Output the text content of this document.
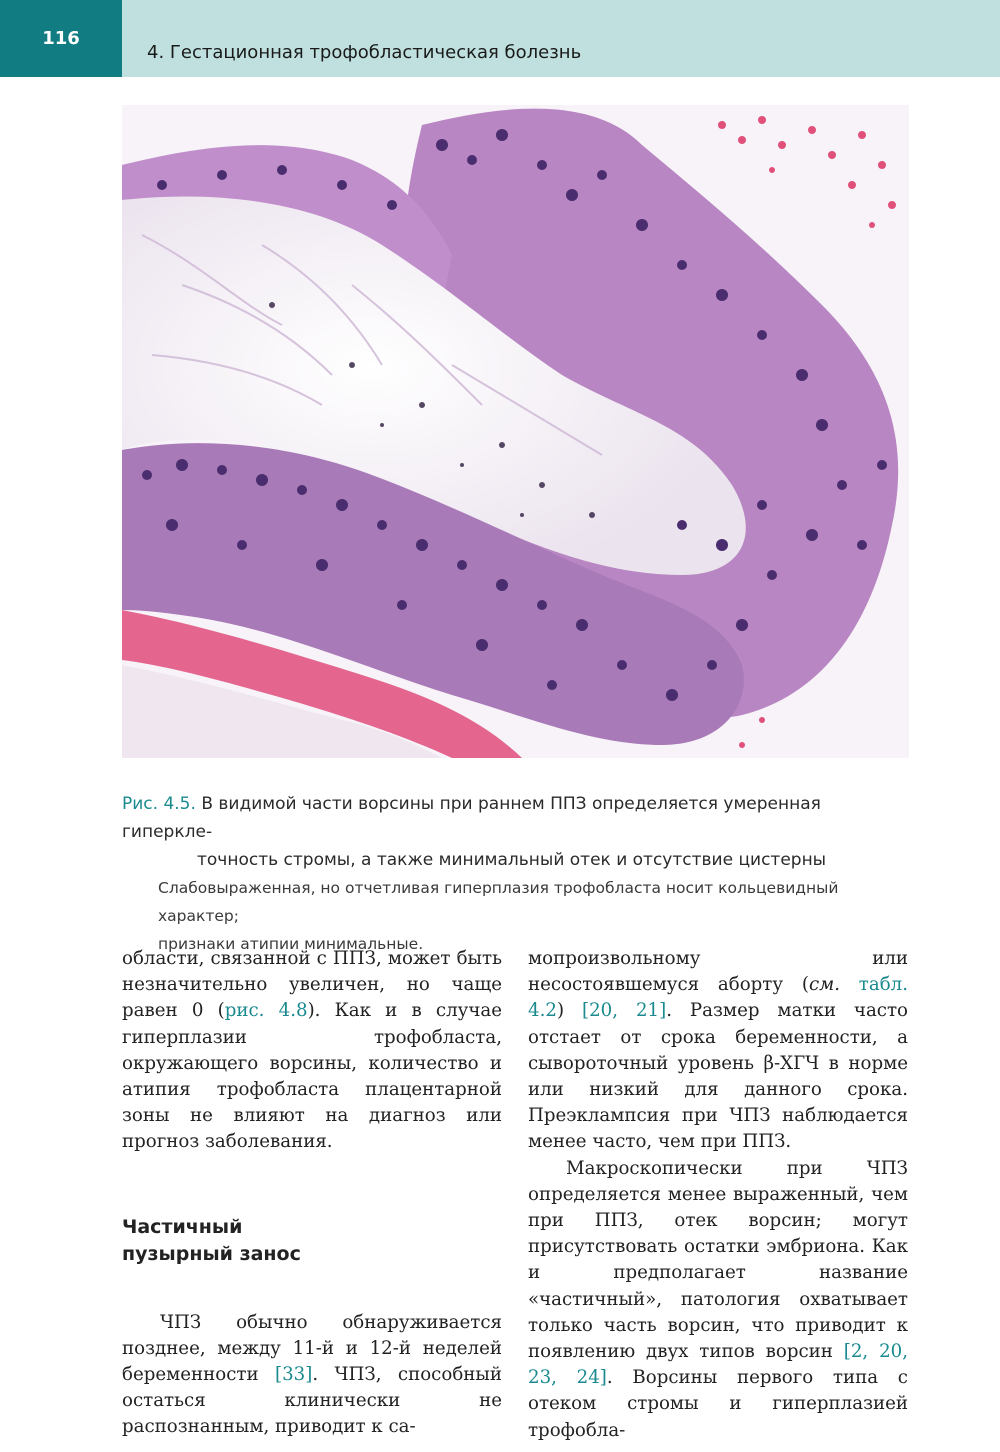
116
4. Гестационная трофобластическая болезнь
Рис. 4.5. В видимой части ворсины при раннем ППЗ определяется умеренная гиперкле-
точность стромы, а также минимальный отек и отсутствие цистерны
Слабовыраженная, но отчетливая гиперплазия трофобласта носит кольцевидный характер;
признаки атипии минимальные.

области, связанной с ППЗ, может быть незначительно увеличен, но чаще равен 0 (рис. 4.8). Как и в случае гиперплазии трофобласта, окружающего ворсины, количество и атипия трофобласта плацентарной зоны не влияют на диагноз или прогноз заболевания.

Частичный
пузырный занос

ЧПЗ обычно обнаруживается позднее, между 11-й и 12-й неделей беременности [33]. ЧПЗ, способный остаться клинически не распознанным, приводит к са-

мопроизвольному или несостоявшемуся аборту (см. табл. 4.2) [20, 21]. Размер матки часто отстает от срока беременности, а сывороточный уровень β-ХГЧ в норме или низкий для данного срока. Преэклампсия при ЧПЗ наблюдается менее часто, чем при ППЗ.

Макроскопически при ЧПЗ определяется менее выраженный, чем при ППЗ, отек ворсин; могут присутствовать остатки эмбриона. Как и предполагает название «частичный», патология охватывает только часть ворсин, что приводит к появлению двух типов ворсин [2, 20, 23, 24]. Ворсины первого типа с отеком стромы и гиперплазией трофобла-
